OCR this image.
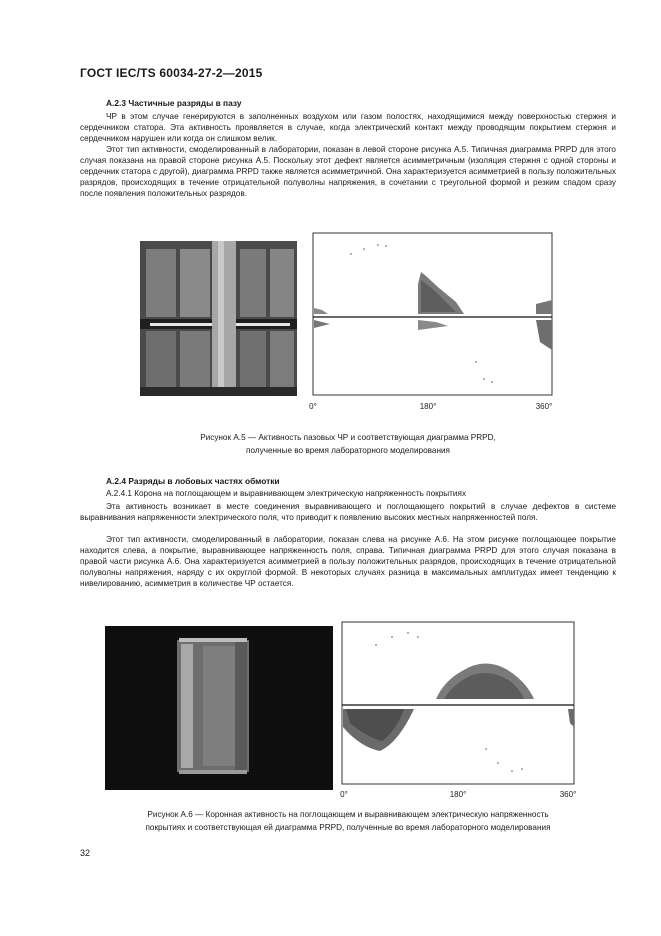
ГОСТ IEC/TS 60034-27-2—2015
А.2.3 Частичные разряды в пазу

ЧР в этом случае генерируются в заполненных воздухом или газом полостях, находящимися между поверхностью стержня и сердечником статора. Эта активность проявляется в случае, когда электрический контакт между проводящим покрытием стержня и сердечником нарушен или когда он слишком велик.

Этот тип активности, смоделированный в лаборатории, показан в левой стороне рисунка А.5. Типичная диаграмма PRPD для этого случая показана на правой стороне рисунка А.5. Поскольку этот дефект является асимметричным (изоляция стержня с одной стороны и сердечник статора с другой), диаграмма PRPD также является асимметричной. Она характеризуется асимметрией в пользу положительных разрядов, происходящих в течение отрицательной полуволны напряжения, в сочетании с треугольной формой и резким спадом сразу после появления положительных разрядов.

0°	180°	360°
Рисунок А.5 — Активность пазовых ЧР и соответствующая диаграмма PRPD,
полученные во время лабораторного моделирования
А.2.4 Разряды в лобовых частях обмотки
А.2.4.1 Корона на поглощающем и выравнивающем электрическую напряженность покрытиях

Эта активность возникает в месте соединения выравнивающего и поглощающего покрытий в случае дефектов в системе выравнивания напряженности электрического поля, что приводит к появлению высоких местных напряженностей поля.

Этот тип активности, смоделированный в лаборатории, показан слева на рисунке А.6. На этом рисунке поглощающее покрытие находится слева, а покрытие, выравнивающее напряженность поля, справа. Типичная диаграмма PRPD для этого случая показана в правой части рисунка А.6. Она характеризуется асимметрией в пользу положительных разрядов, происходящих в течение отрицательной полуволны напряжения, наряду с их округлой формой. В некоторых случаях разница в максимальных амплитудах имеет тенденцию к нивелированию, асимметрия в количестве ЧР остается.

0°	180°	360°
Рисунок А.6 — Коронная активность на поглощающем и выравнивающем электрическую напряженность
покрытиях и соответствующая ей диаграмма PRPD, полученные во время лабораторного моделирования
32
